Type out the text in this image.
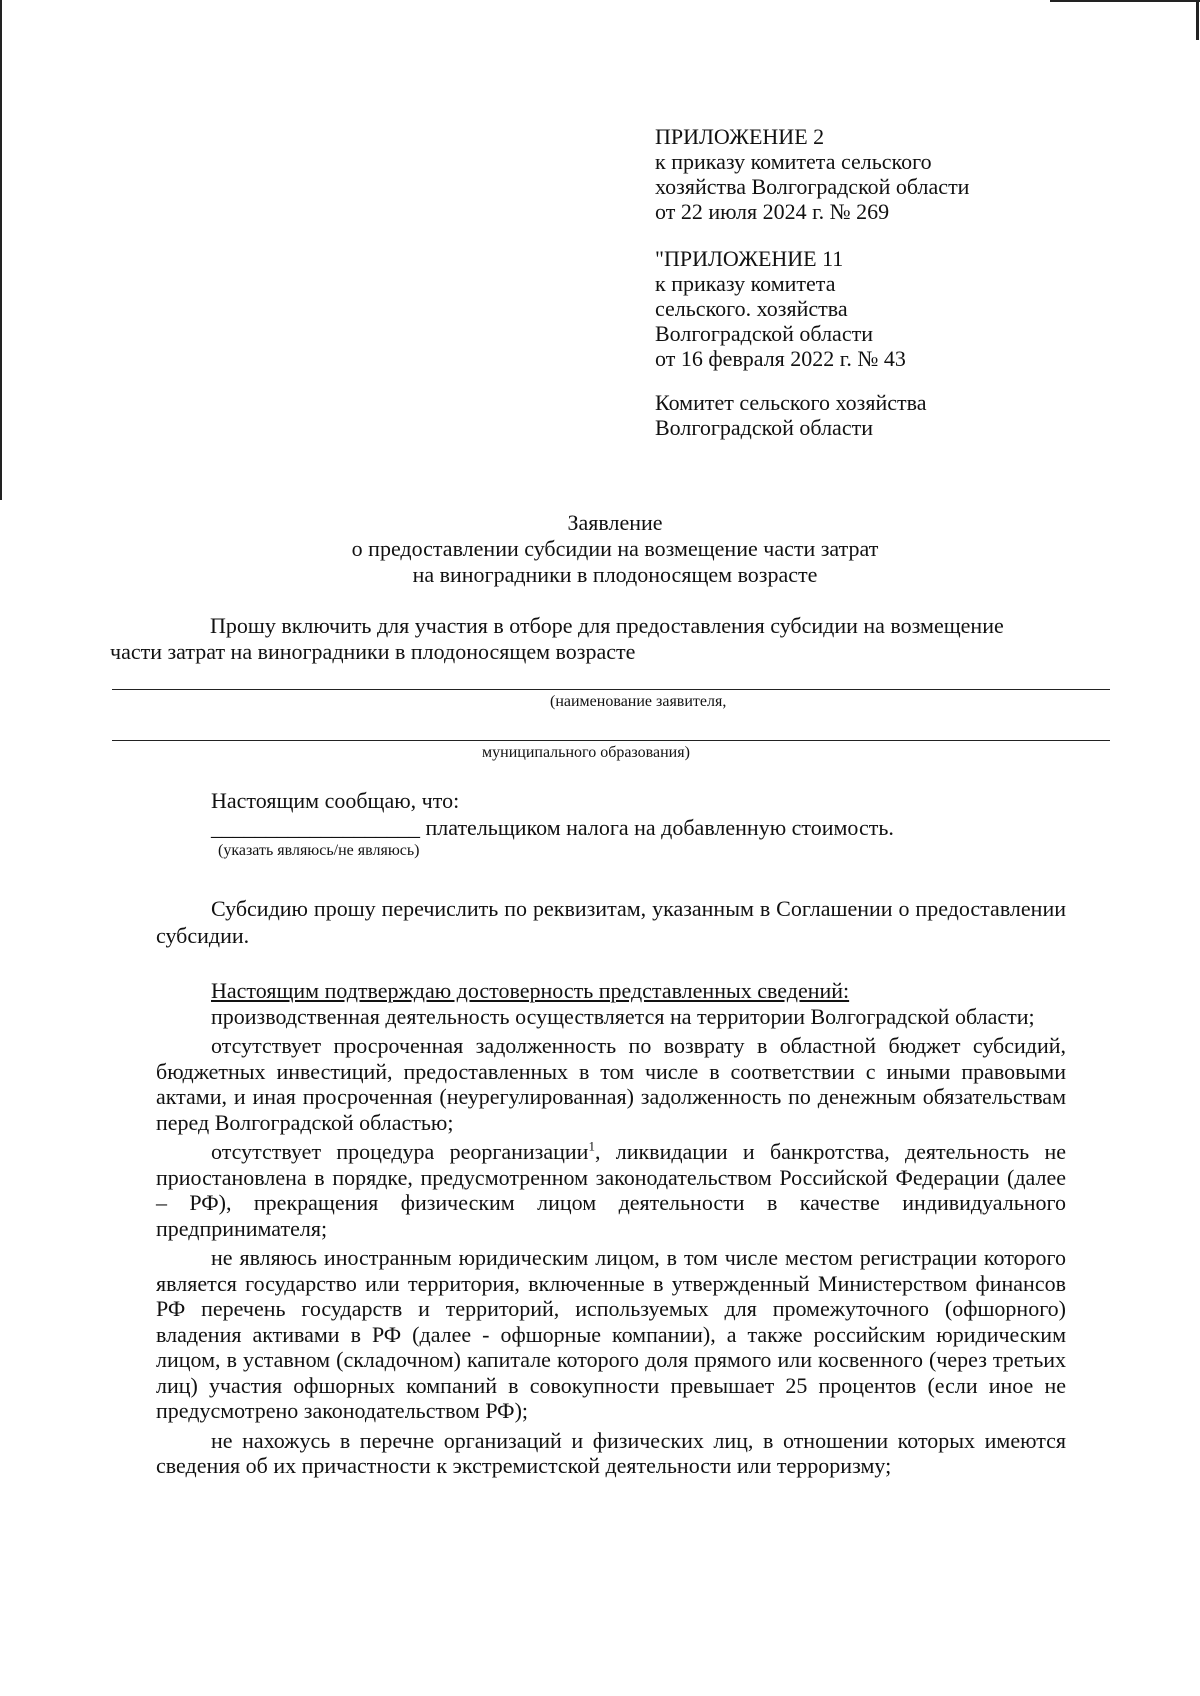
ПРИЛОЖЕНИЕ 2
к приказу комитета сельского
хозяйства Волгоградской области
от 22 июля 2024 г. № 269
"ПРИЛОЖЕНИЕ 11
к приказу комитета
сельского. хозяйства
Волгоградской области
от 16 февраля 2022 г. № 43
Комитет сельского хозяйства
Волгоградской области
Заявление
о предоставлении субсидии на возмещение части затрат
на виноградники в плодоносящем возрасте
Прошу включить для участия в отборе для предоставления субсидии на возмещение
части затрат на виноградники в плодоносящем возрасте
(наименование заявителя,
муниципального образования)
Настоящим сообщаю, что:
___________________ плательщиком налога на добавленную стоимость.
(указать являюсь/не являюсь)

Субсидию прошу перечислить по реквизитам, указанным в Соглашении о предоставлении субсидии.

Настоящим подтверждаю достоверность представленных сведений:

производственная деятельность осуществляется на территории Волгоградской области;

отсутствует просроченная задолженность по возврату в областной бюджет субсидий, бюджетных инвестиций, предоставленных в том числе в соответствии с иными правовыми актами, и иная просроченная (неурегулированная) задолженность по денежным обязательствам перед Волгоградской областью;

отсутствует процедура реорганизации$^1$, ликвидации и банкротства, деятельность не приостановлена в порядке, предусмотренном законодательством Российской Федерации (далее – РФ), прекращения физическим лицом деятельности в качестве индивидуального предпринимателя;

не являюсь иностранным юридическим лицом, в том числе местом регистрации которого является государство или территория, включенные в утвержденный Министерством финансов РФ перечень государств и территорий, используемых для промежуточного (офшорного) владения активами в РФ (далее - офшорные компании), а также российским юридическим лицом, в уставном (складочном) капитале которого доля прямого или косвенного (через третьих лиц) участия офшорных компаний в совокупности превышает 25 процентов (если иное не предусмотрено законодательством РФ);

не нахожусь в перечне организаций и физических лиц, в отношении которых имеются сведения об их причастности к экстремистской деятельности или терроризму;
